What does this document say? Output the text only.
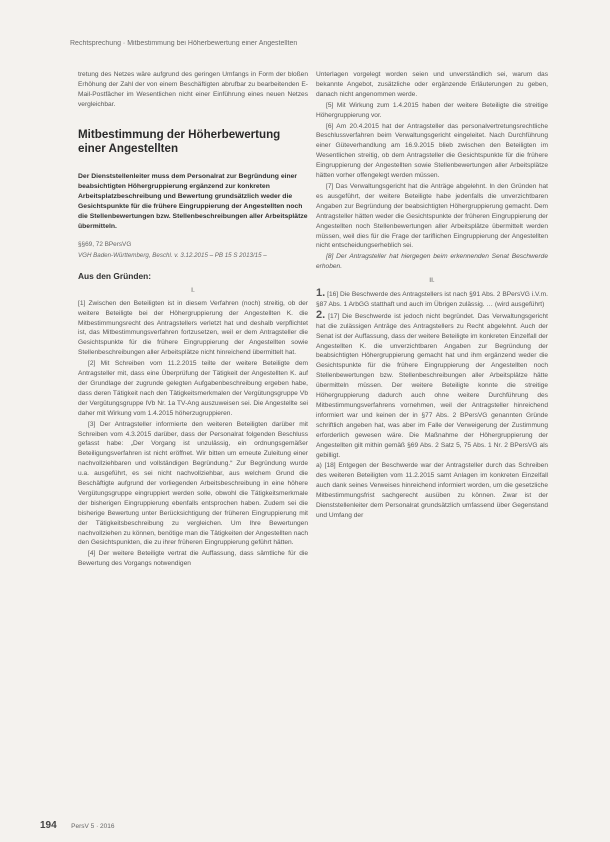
Rechtsprechung · Mitbestimmung bei Höherbewertung einer Angestellten

tretung des Netzes wäre aufgrund des geringen Umfangs in Form der bloßen Erhöhung der Zahl der von einem Beschäftigten abrufbar zu bearbeitenden E-Mail-Postfächer im Wesentlichen nicht einer Einführung eines neuen Netzes vergleichbar.

Mitbestimmung der Höherbewertung einer Angestellten
Der Dienststellenleiter muss dem Personalrat zur Begründung einer beabsichtigten Höhergruppierung ergänzend zur konkreten Arbeitsplatzbeschreibung und Bewertung grundsätzlich weder die Gesichtspunkte für die frühere Eingruppierung der Angestellten noch die Stellenbewertungen bzw. Stellenbeschreibungen aller Arbeitsplätze übermitteln.
§§69, 72 BPersVG
VGH Baden-Württemberg, Beschl. v. 3.12.2015 – PB 15 S 2013/15 –
Aus den Gründen:
I.

[1] Zwischen den Beteiligten ist in diesem Verfahren (noch) streitig, ob der weitere Beteiligte bei der Höhergruppierung der Angestellten K. die Mitbestimmungsrecht des Antragstellers verletzt hat und deshalb verpflichtet ist, das Mitbestimmungsverfahren fortzusetzen, weil er dem Antragsteller die Gesichtspunkte für die frühere Eingruppierung der Angestellten sowie Stellenbeschreibungen aller Arbeitsplätze nicht hinreichend übermittelt hat.

[2] Mit Schreiben vom 11.2.2015 teilte der weitere Beteiligte dem Antragsteller mit, dass eine Überprüfung der Tätigkeit der Angestellten K. auf der Grundlage der zugrunde gelegten Aufgabenbeschreibung ergeben habe, dass deren Tätigkeit nach den Tätigkeitsmerkmalen der Vergütungsgruppe Vb der Vergütungsgruppe IVb Nr. 1a TV-Ang auszuweisen sei. Die Angestellte sei daher mit Wirkung vom 1.4.2015 höherzugruppieren.

[3] Der Antragsteller informierte den weiteren Beteiligten darüber mit Schreiben vom 4.3.2015 darüber, dass der Personalrat folgenden Beschluss gefasst habe: „Der Vorgang ist unzulässig, ein ordnungsgemäßer Beteiligungsverfahren ist nicht eröffnet. Wir bitten um erneute Zuleitung einer nachvollziehbaren und vollständigen Begründung.“ Zur Begründung wurde u.a. ausgeführt, es sei nicht nachvollziehbar, aus welchem Grund die Beschäftigte aufgrund der vorliegenden Arbeitsbeschreibung in eine höhere Vergütungsgruppe eingruppiert werden solle, obwohl die Tätigkeitsmerkmale der bisherigen Eingruppierung ebenfalls entsprochen haben. Zudem sei die bisherige Bewertung unter Berücksichtigung der früheren Eingruppierung mit der Tätigkeitsbeschreibung zu vergleichen. Um Ihre Bewertungen nachvollziehen zu können, benötige man die Tätigkeiten der Angestellten nach den Gesichtspunkten, die zu ihrer früheren Eingruppierung geführt hätten.

[4] Der weitere Beteiligte vertrat die Auffassung, dass sämtliche für die Bewertung des Vorgangs notwendigen

Unterlagen vorgelegt worden seien und unverständlich sei, warum das bekannte Angebot, zusätzliche oder ergänzende Erläuterungen zu geben, danach nicht angenommen werde.

[5] Mit Wirkung zum 1.4.2015 haben der weitere Beteiligte die streitige Höhergruppierung vor.

[6] Am 20.4.2015 hat der Antragsteller das personalvertretungsrechtliche Beschlussverfahren beim Verwaltungsgericht eingeleitet. Nach Durchführung einer Güteverhandlung am 16.9.2015 blieb zwischen den Beteiligten im Wesentlichen streitig, ob dem Antragsteller die Gesichtspunkte für die frühere Eingruppierung der Angestellten sowie Stellenbewertungen aller Arbeitsplätze hätten vorher offengelegt werden müssen.

[7] Das Verwaltungsgericht hat die Anträge abgelehnt. In den Gründen hat es ausgeführt, der weitere Beteiligte habe jedenfalls die unverzichtbaren Angaben zur Begründung der beabsichtigten Höhergruppierung gemacht. Dem Antragsteller hätten weder die Gesichtspunkte der früheren Eingruppierung der Angestellten noch Stellenbewertungen aller Arbeitsplätze übermittelt werden müssen, weil dies für die Frage der tariflichen Eingruppierung der Angestellten nicht entscheidungserheblich sei.

[8] Der Antragsteller hat hiergegen beim erkennenden Senat Beschwerde erhoben.

II.

1. [16] Die Beschwerde des Antragstellers ist nach §91 Abs. 2 BPersVG i.V.m. §87 Abs. 1 ArbGG statthaft und auch im Übrigen zulässig. … (wird ausgeführt)

2. [17] Die Beschwerde ist jedoch nicht begründet. Das Verwaltungsgericht hat die zulässigen Anträge des Antragstellers zu Recht abgelehnt. Auch der Senat ist der Auffassung, dass der weitere Beteiligte im konkreten Einzelfall der Angestellten K. die unverzichtbaren Angaben zur Begründung der beabsichtigten Höhergruppierung gemacht hat und ihm ergänzend weder die Gesichtspunkte für die frühere Eingruppierung der Angestellten noch Stellenbewertungen bzw. Stellenbeschreibungen aller Arbeitsplätze hätte übermitteln müssen. Der weitere Beteiligte konnte die streitige Höhergruppierung dadurch auch ohne weitere Durchführung des Mitbestimmungsverfahrens vornehmen, weil der Antragsteller hinreichend informiert war und keinen der in §77 Abs. 2 BPersVG genannten Gründe schriftlich angeben hat, was aber im Falle der Verweigerung der Zustimmung erforderlich gewesen wäre. Die Maßnahme der Höhergruppierung der Angestellten gilt mithin gemäß §69 Abs. 2 Satz 5, 75 Abs. 1 Nr. 2 BPersVG als gebilligt.

a) [18] Entgegen der Beschwerde war der Antragsteller durch das Schreiben des weiteren Beteiligten vom 11.2.2015 samt Anlagen im konkreten Einzelfall auch dank seines Verweises hinreichend informiert worden, um die gesetzliche Mitbestimmungsfrist sachgerecht ausüben zu können. Zwar ist der Dienststellenleiter dem Personalrat grundsätzlich umfassend über Gegenstand und Umfang der

194 PersV 5 · 2016
